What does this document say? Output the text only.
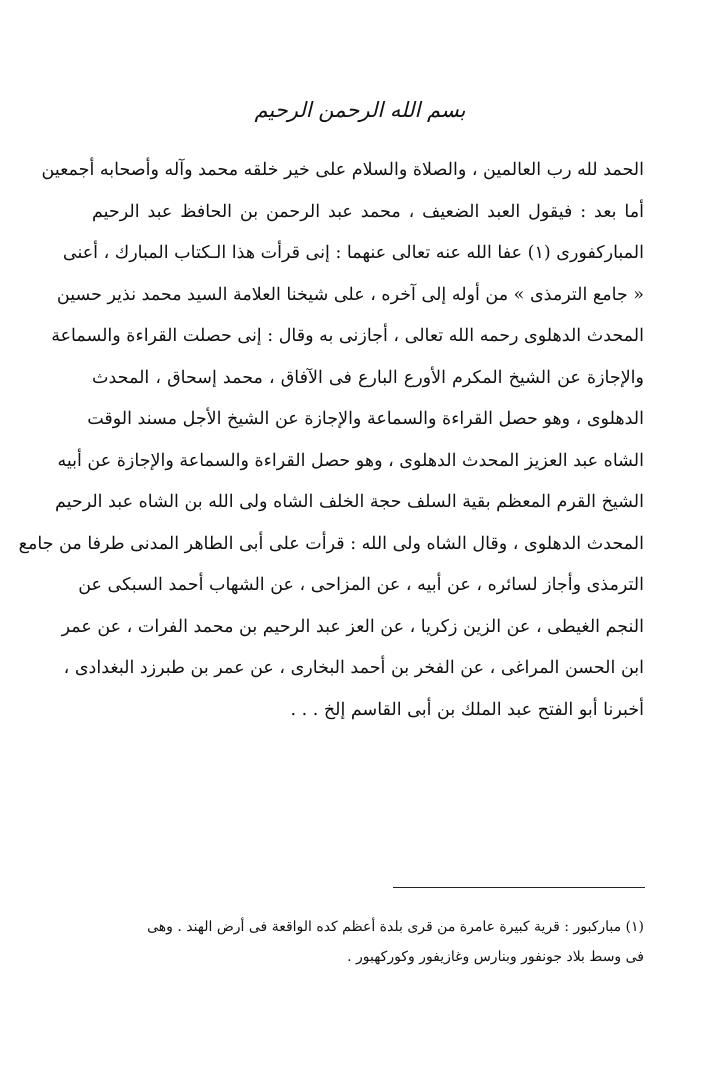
بسم الله الرحمن الرحيم
الحمد لله رب العالمين ، والصلاة والسلام على خير خلقه محمد وآله وأصحابه أجمعين
أما بعد : فيقول العبد الضعيف ، محمد عبد الرحمن بن الحافظ عبد الرحيم
المباركفورى (١) عفا الله عنه تعالى عنهما : إنى قرأت هذا الـكتاب المبارك ، أعنى
« جامع الترمذى » من أوله إلى آخره ، على شيخنا العلامة السيد محمد نذير حسين
المحدث الدهلوى رحمه الله تعالى ، أجازنى به وقال : إنى حصلت القراءة والسماعة
والإجازة عن الشيخ المكرم الأورع البارع فى الآفاق ، محمد إسحاق ، المحدث
الدهلوى ، وهو حصل القراءة والسماعة والإجازة عن الشيخ الأجل مسند الوقت
الشاه عبد العزيز المحدث الدهلوى ، وهو حصل القراءة والسماعة والإجازة عن أبيه
الشيخ القرم المعظم بقية السلف حجة الخلف الشاه ولى الله بن الشاه عبد الرحيم
المحدث الدهلوى ، وقال الشاه ولى الله : قرأت على أبى الطاهر المدنى طرفا من جامع
الترمذى وأجاز لسائره ، عن أبيه ، عن المزاحى ، عن الشهاب أحمد السبكى عن
النجم الغيطى ، عن الزين زكريا ، عن العز عبد الرحيم بن محمد الفرات ، عن عمر
ابن الحسن المراغى ، عن الفخر بن أحمد البخارى ، عن عمر بن طبرزد البغدادى ،
أخبرنا أبو الفتح عبد الملك بن أبى القاسم إلخ . . .
(١) مباركبور : قرية كبيرة عامرة من قرى بلدة أعظم كده الواقعة فى أرض الهند . وهى
فى وسط بلاد جونفور وبنارس وغازيفور وكوركهبور .
